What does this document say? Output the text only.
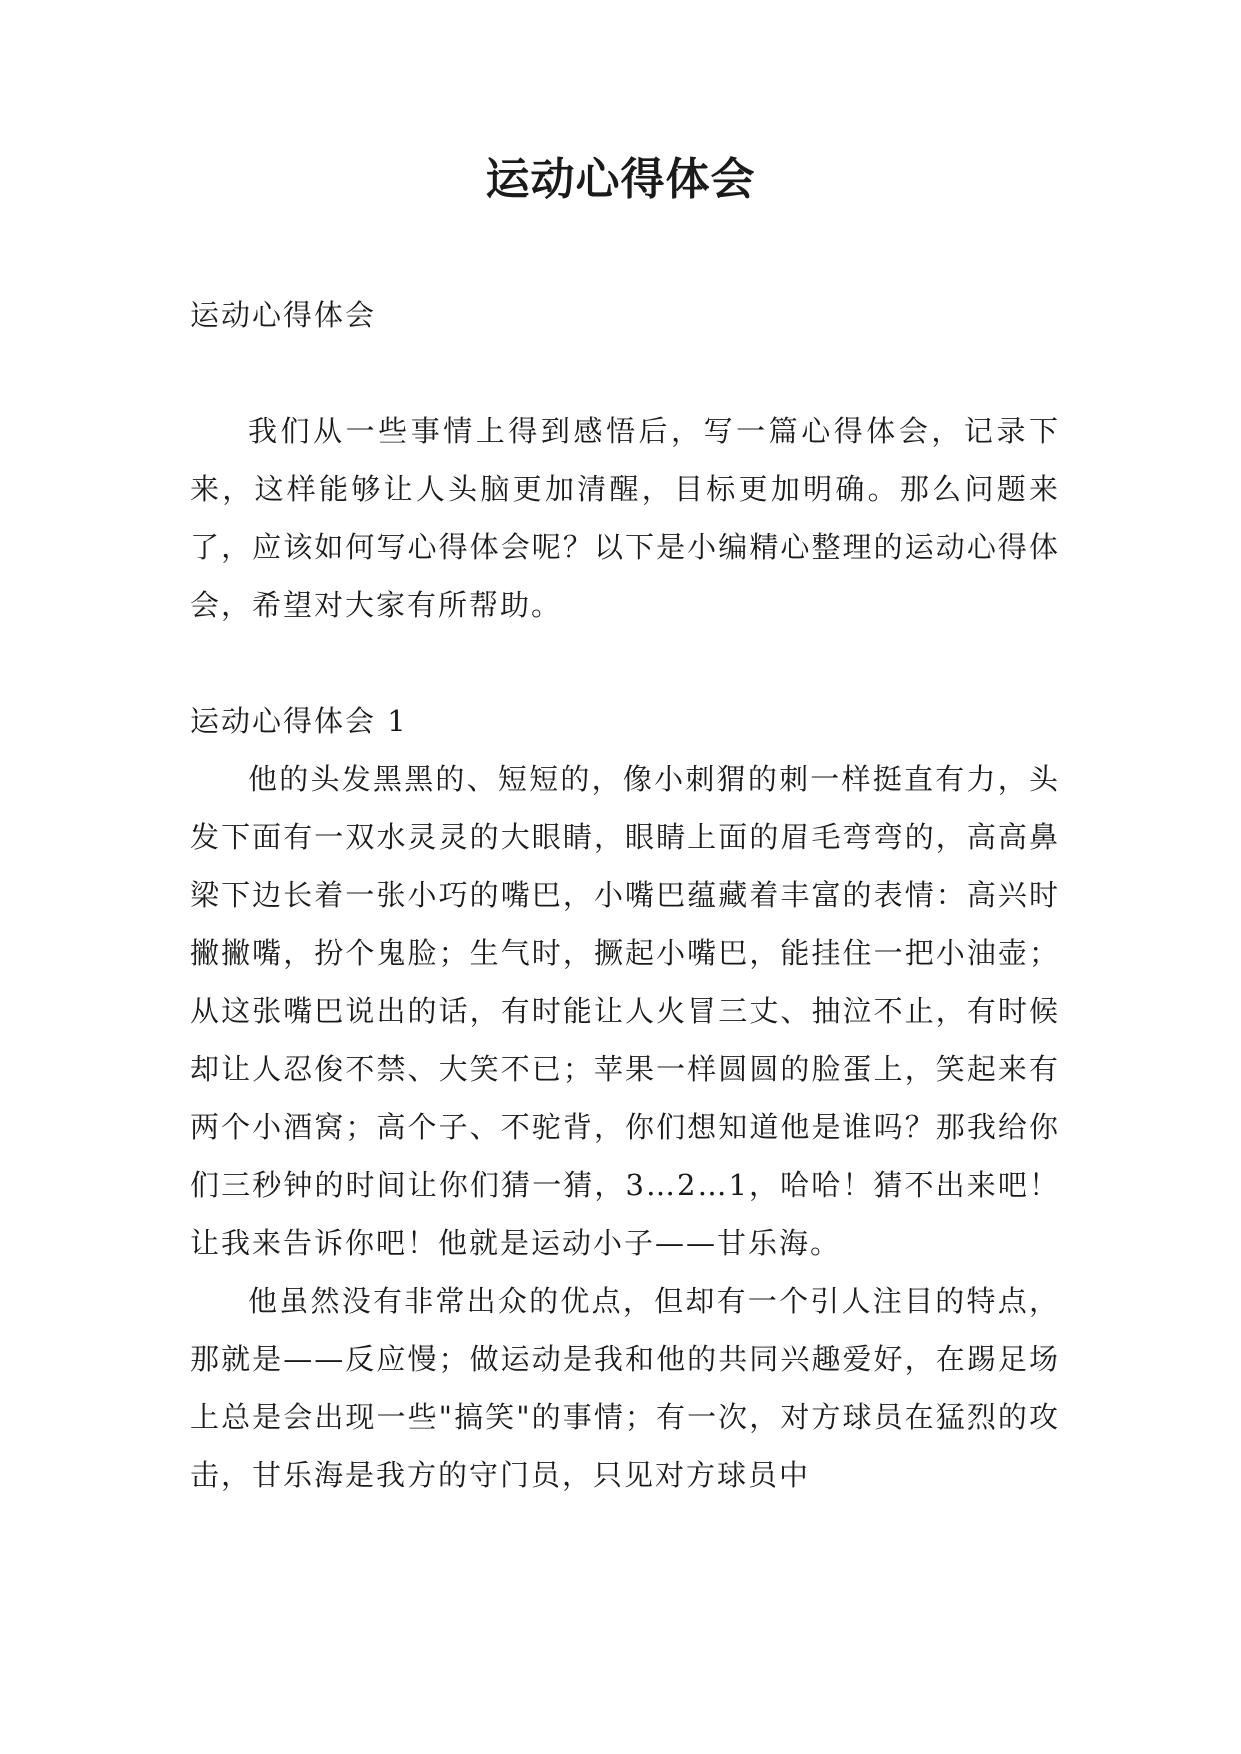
运动心得体会

运动心得体会

我们从一些事情上得到感悟后，写一篇心得体会，记录下来，这样能够让人头脑更加清醒，目标更加明确。那么问题来了，应该如何写心得体会呢？以下是小编精心整理的运动心得体会，希望对大家有所帮助。

运动心得体会 1

他的头发黑黑的、短短的，像小刺猬的刺一样挺直有力，头发下面有一双水灵灵的大眼睛，眼睛上面的眉毛弯弯的，高高鼻梁下边长着一张小巧的嘴巴，小嘴巴蕴藏着丰富的表情：高兴时撇撇嘴，扮个鬼脸；生气时，撅起小嘴巴，能挂住一把小油壶；从这张嘴巴说出的话，有时能让人火冒三丈、抽泣不止，有时候却让人忍俊不禁、大笑不已；苹果一样圆圆的脸蛋上，笑起来有两个小酒窝；高个子、不驼背，你们想知道他是谁吗？那我给你们三秒钟的时间让你们猜一猜，3…2…1，哈哈！猜不出来吧！让我来告诉你吧！他就是运动小子——甘乐海。

他虽然没有非常出众的优点，但却有一个引人注目的特点，那就是——反应慢；做运动是我和他的共同兴趣爱好，在踢足场上总是会出现一些"搞笑"的事情；有一次，对方球员在猛烈的攻击，甘乐海是我方的守门员，只见对方球员中
